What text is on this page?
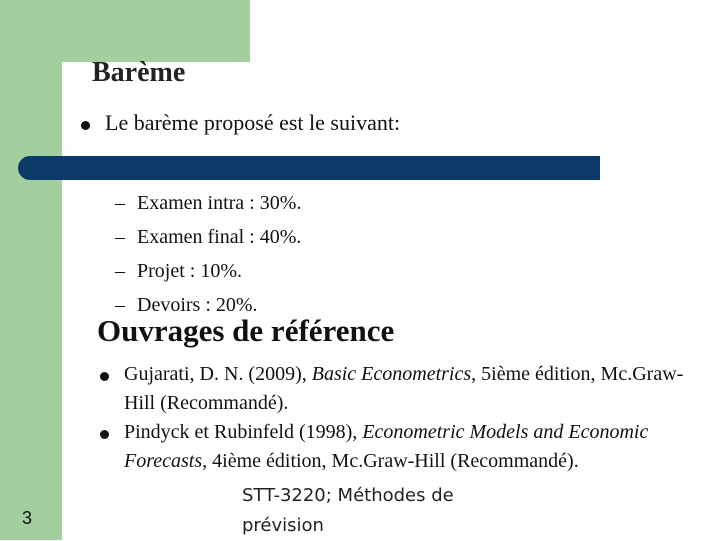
Barème

Le barème proposé est le suivant:

– Examen intra : 30%.
– Examen final : 40%.
– Projet : 10%.
– Devoirs : 20%.
Ouvrages de référence
Gujarati, D. N. (2009), Basic Econometrics, 5ième édition, Mc.Graw-Hill (Recommandé).
Pindyck et Rubinfeld (1998), Econometric Models and Economic Forecasts, 4ième édition, Mc.Graw-Hill (Recommandé).

STT-3220; Méthodes de prévision

3
